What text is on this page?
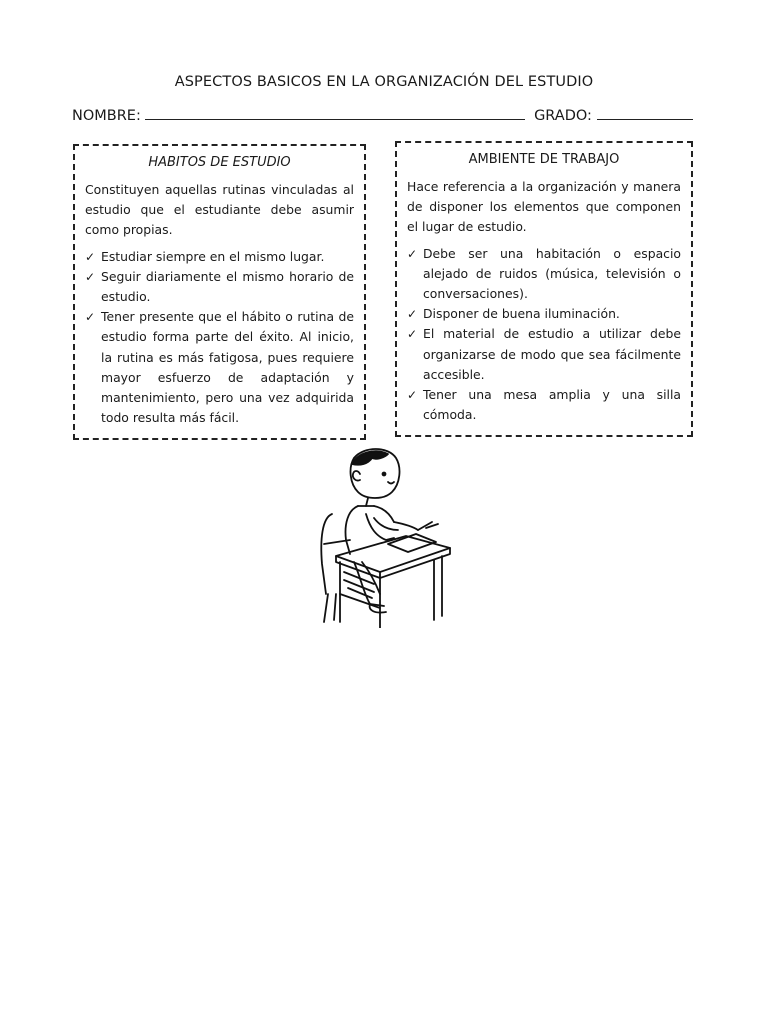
ASPECTOS BASICOS EN LA ORGANIZACIÓN DEL ESTUDIO
NOMBRE:	GRADO:
HABITOS DE ESTUDIO

Constituyen aquellas rutinas vinculadas al estudio que el estudiante debe asumir como propias.

✓ Estudiar siempre en el mismo lugar.
✓ Seguir diariamente el mismo horario de estudio.
✓ Tener presente que el hábito o rutina de estudio forma parte del éxito. Al inicio, la rutina es más fatigosa, pues requiere mayor esfuerzo de adaptación y mantenimiento, pero una vez adquirida todo resulta más fácil.
AMBIENTE DE TRABAJO

Hace referencia a la organización y manera de disponer los elementos que componen el lugar de estudio.

✓ Debe ser una habitación o espacio alejado de ruidos (música, televisión o conversaciones).
✓ Disponer de buena iluminación.
✓ El material de estudio a utilizar debe organizarse de modo que sea fácilmente accesible.
✓ Tener una mesa amplia y una silla cómoda.
